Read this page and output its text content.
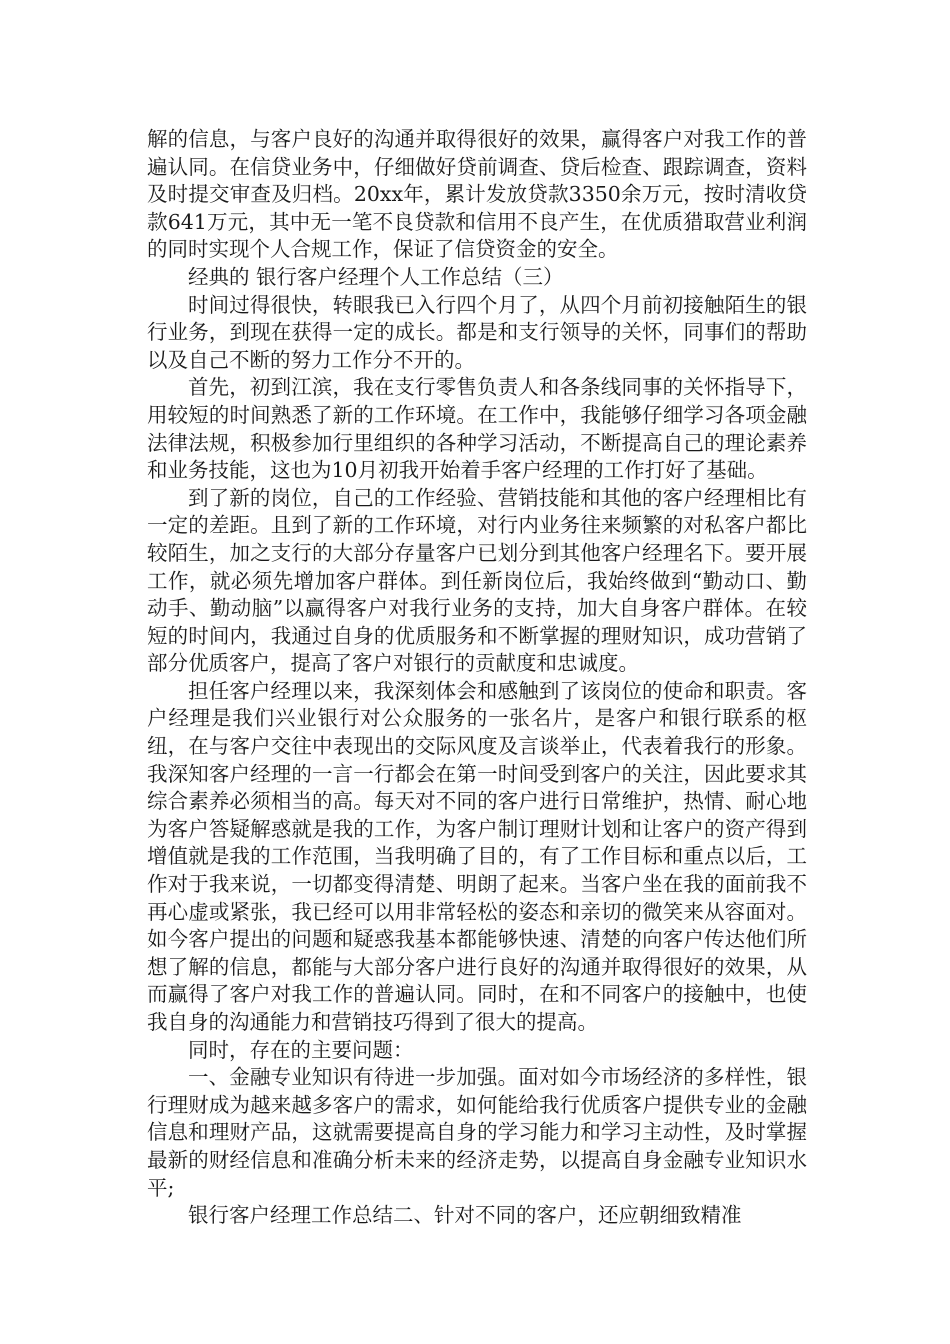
解的信息，与客户良好的沟通并取得很好的效果，赢得客户对我工作的普遍认同。在信贷业务中，仔细做好贷前调查、贷后检查、跟踪调查，资料及时提交审查及归档。20xx年，累计发放贷款3350余万元，按时清收贷款641万元，其中无一笔不良贷款和信用不良产生，在优质猎取营业利润的同时实现个人合规工作，保证了信贷资金的安全。

经典的 银行客户经理个人工作总结（三）

时间过得很快，转眼我已入行四个月了，从四个月前初接触陌生的银行业务，到现在获得一定的成长。都是和支行领导的关怀，同事们的帮助以及自己不断的努力工作分不开的。

首先，初到江滨，我在支行零售负责人和各条线同事的关怀指导下，用较短的时间熟悉了新的工作环境。在工作中，我能够仔细学习各项金融法律法规，积极参加行里组织的各种学习活动，不断提高自己的理论素养和业务技能，这也为10月初我开始着手客户经理的工作打好了基础。

到了新的岗位，自己的工作经验、营销技能和其他的客户经理相比有一定的差距。且到了新的工作环境，对行内业务往来频繁的对私客户都比较陌生，加之支行的大部分存量客户已划分到其他客户经理名下。要开展工作，就必须先增加客户群体。到任新岗位后，我始终做到“勤动口、勤动手、勤动脑”以赢得客户对我行业务的支持，加大自身客户群体。在较短的时间内，我通过自身的优质服务和不断掌握的理财知识，成功营销了部分优质客户，提高了客户对银行的贡献度和忠诚度。

担任客户经理以来，我深刻体会和感触到了该岗位的使命和职责。客户经理是我们兴业银行对公众服务的一张名片，是客户和银行联系的枢纽，在与客户交往中表现出的交际风度及言谈举止，代表着我行的形象。我深知客户经理的一言一行都会在第一时间受到客户的关注，因此要求其综合素养必须相当的高。每天对不同的客户进行日常维护，热情、耐心地为客户答疑解惑就是我的工作，为客户制订理财计划和让客户的资产得到增值就是我的工作范围，当我明确了目的，有了工作目标和重点以后，工作对于我来说，一切都变得清楚、明朗了起来。当客户坐在我的面前我不再心虚或紧张，我已经可以用非常轻松的姿态和亲切的微笑来从容面对。如今客户提出的问题和疑惑我基本都能够快速、清楚的向客户传达他们所想了解的信息，都能与大部分客户进行良好的沟通并取得很好的效果，从而赢得了客户对我工作的普遍认同。同时，在和不同客户的接触中，也使我自身的沟通能力和营销技巧得到了很大的提高。

同时，存在的主要问题：

一、金融专业知识有待进一步加强。面对如今市场经济的多样性，银行理财成为越来越多客户的需求，如何能给我行优质客户提供专业的金融信息和理财产品，这就需要提高自身的学习能力和学习主动性，及时掌握最新的财经信息和准确分析未来的经济走势，以提高自身金融专业知识水平;

银行客户经理工作总结二、针对不同的客户，还应朝细致精准
